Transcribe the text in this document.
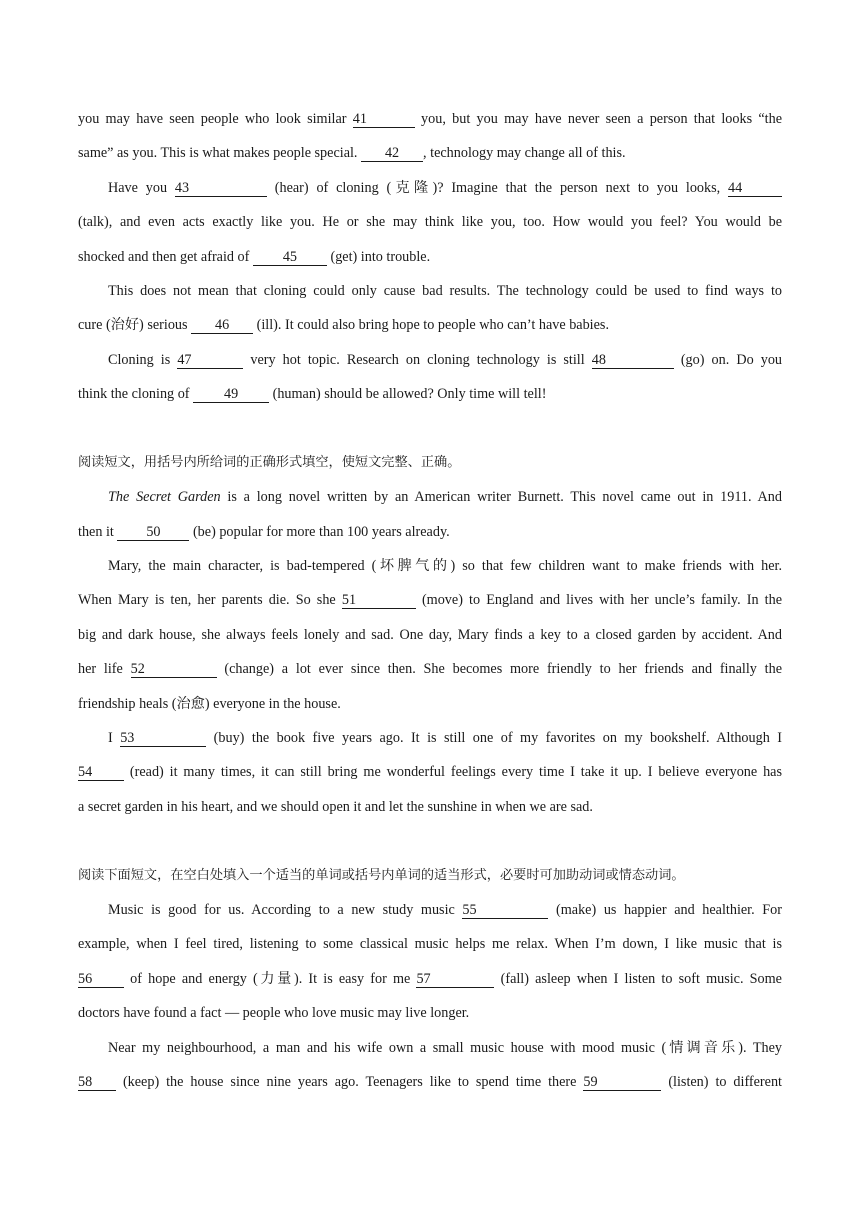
you may have seen people who look similar 41	you, but you may have never seen a person that looks “the
same” as you. This is what makes people special. 42 , technology may change all of this.
Have you 43	(hear) of cloning (克隆)? Imagine that the person next to you looks, 44
(talk), and even acts exactly like you. He or she may think like you, too. How would you feel? You would be
shocked and then get afraid of 45 (get) into trouble.
This does not mean that cloning could only cause bad results. The technology could be used to find ways to
cure (治好) serious 46 (ill). It could also bring hope to people who can’t have babies.
Cloning is 47	very hot topic. Research on cloning technology is still 48	(go) on. Do you
think the cloning of 49 (human) should be allowed? Only time will tell!
阅读短文，用括号内所给词的正确形式填空，使短文完整、正确。
The Secret Garden is a long novel written by an American writer Burnett. This novel came out in 1911. And
then it 50 (be) popular for more than 100 years already.
Mary, the main character, is bad-tempered (坏脾气的) so that few children want to make friends with her.
When Mary is ten, her parents die. So she 51	(move) to England and lives with her uncle’s family. In the
big and dark house, she always feels lonely and sad. One day, Mary finds a key to a closed garden by accident. And
her life 52	(change) a lot ever since then. She becomes more friendly to her friends and finally the
friendship heals (治愈) everyone in the house.
I 53	(buy) the book five years ago. It is still one of my favorites on my bookshelf. Although I
54 (read) it many times, it can still bring me wonderful feelings every time I take it up. I believe everyone has
a secret garden in his heart, and we should open it and let the sunshine in when we are sad.
阅读下面短文，在空白处填入一个适当的单词或括号内单词的适当形式，必要时可加助动词或情态动词。
Music is good for us. According to a new study music 55	(make) us happier and healthier. For
example, when I feel tired, listening to some classical music helps me relax. When I’m down, I like music that is
56 of hope and energy (力量). It is easy for me 57	(fall) asleep when I listen to soft music. Some
doctors have found a fact — people who love music may live longer.
Near my neighbourhood, a man and his wife own a small music house with mood music (情调音乐). They
58 (keep) the house since nine years ago. Teenagers like to spend time there 59	(listen) to different
